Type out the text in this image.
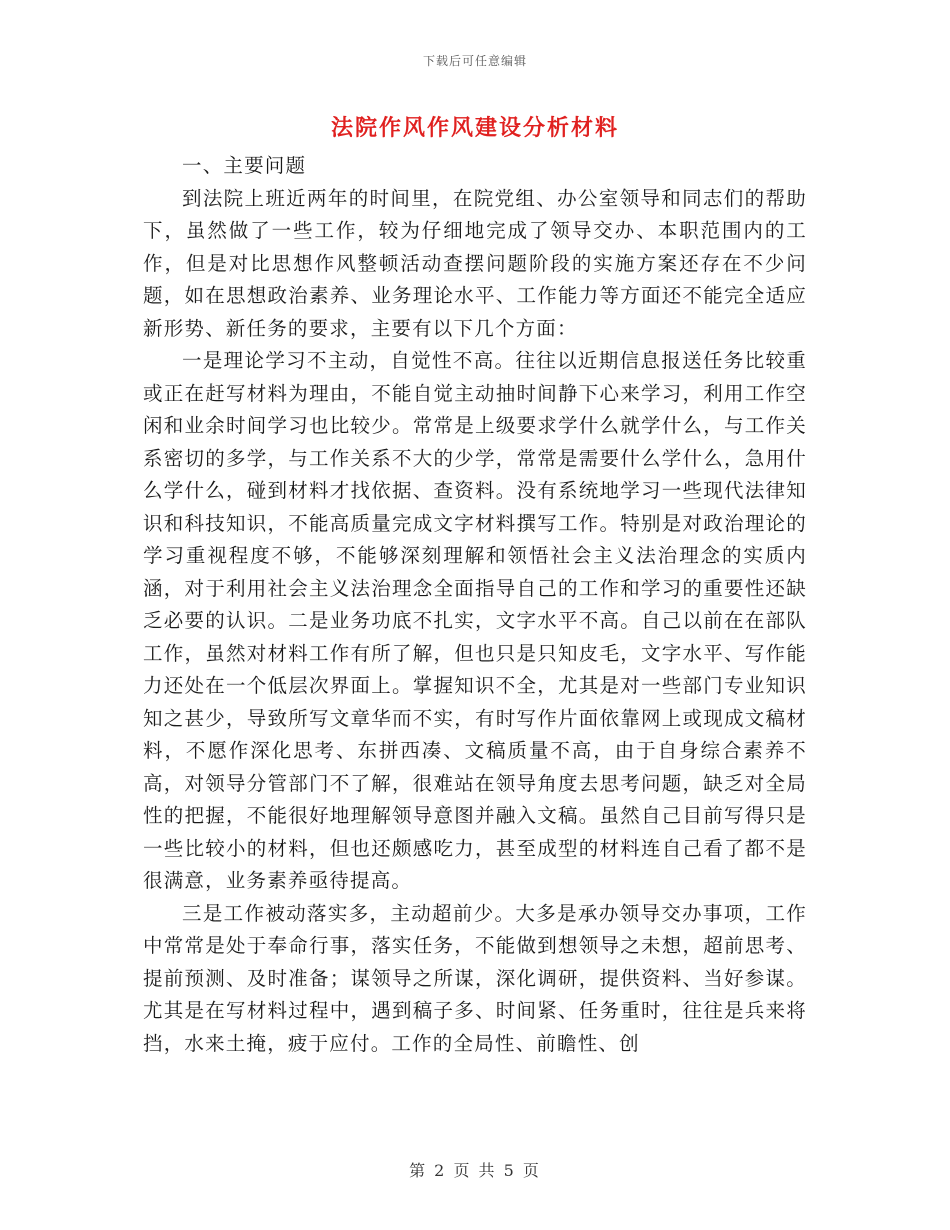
下载后可任意编辑
法院作风作风建设分析材料

一、主要问题

到法院上班近两年的时间里，在院党组、办公室领导和同志们的帮助下，虽然做了一些工作，较为仔细地完成了领导交办、本职范围内的工作，但是对比思想作风整顿活动查摆问题阶段的实施方案还存在不少问题，如在思想政治素养、业务理论水平、工作能力等方面还不能完全适应新形势、新任务的要求，主要有以下几个方面：

一是理论学习不主动，自觉性不高。往往以近期信息报送任务比较重或正在赶写材料为理由，不能自觉主动抽时间静下心来学习，利用工作空闲和业余时间学习也比较少。常常是上级要求学什么就学什么，与工作关系密切的多学，与工作关系不大的少学，常常是需要什么学什么，急用什么学什么，碰到材料才找依据、查资料。没有系统地学习一些现代法律知识和科技知识，不能高质量完成文字材料撰写工作。特别是对政治理论的学习重视程度不够，不能够深刻理解和领悟社会主义法治理念的实质内涵，对于利用社会主义法治理念全面指导自己的工作和学习的重要性还缺乏必要的认识。二是业务功底不扎实，文字水平不高。自己以前在在部队工作，虽然对材料工作有所了解，但也只是只知皮毛，文字水平、写作能力还处在一个低层次界面上。掌握知识不全，尤其是对一些部门专业知识知之甚少，导致所写文章华而不实，有时写作片面依靠网上或现成文稿材料，不愿作深化思考、东拼西凑、文稿质量不高，由于自身综合素养不高，对领导分管部门不了解，很难站在领导角度去思考问题，缺乏对全局性的把握，不能很好地理解领导意图并融入文稿。虽然自己目前写得只是一些比较小的材料，但也还颇感吃力，甚至成型的材料连自己看了都不是很满意，业务素养亟待提高。

三是工作被动落实多，主动超前少。大多是承办领导交办事项，工作中常常是处于奉命行事，落实任务，不能做到想领导之未想，超前思考、提前预测、及时准备；谋领导之所谋，深化调研，提供资料、当好参谋。尤其是在写材料过程中，遇到稿子多、时间紧、任务重时，往往是兵来将挡，水来土掩，疲于应付。工作的全局性、前瞻性、创

第 2 页 共 5 页
